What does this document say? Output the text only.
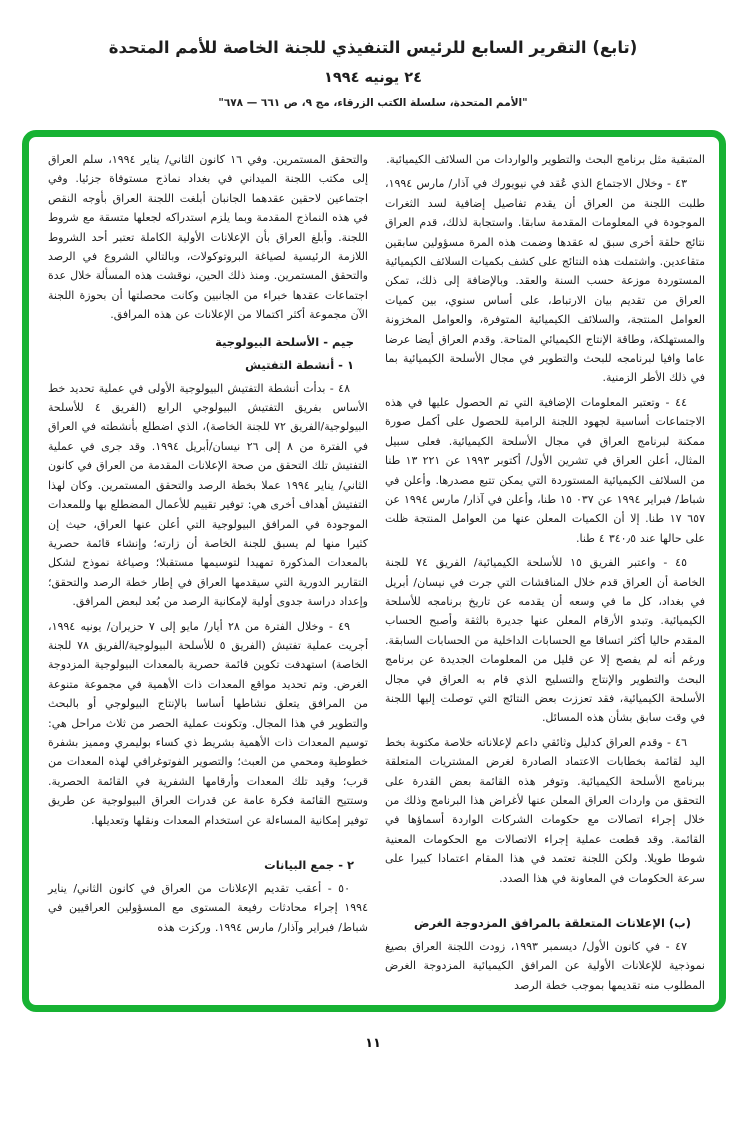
(تابع) التقرير السابع للرئيس التنفيذي للجنة الخاصة للأمم المتحدة
٢٤ يونيه ١٩٩٤
"الأمم المتحدة، سلسلة الكتب الزرقاء، مج ٩، ص ٦٦١ — ٦٧٨"

المتبقية مثل برنامج البحث والتطوير والواردات من السلائف الكيميائية.

٤٣ - وخلال الاجتماع الذي عُقد في نيويورك في آذار/ مارس ١٩٩٤، طلبت اللجنة من العراق أن يقدم تفاصيل إضافية لسد الثغرات الموجودة في المعلومات المقدمة سابقا. واستجابة لذلك، قدم العراق نتائج حلقة أخرى سبق له عقدها وضمت هذه المرة مسؤولين سابقين متقاعدين. واشتملت هذه النتائج على كشف بكميات السلائف الكيميائية المستوردة موزعة حسب السنة والعقد. وبالإضافة إلى ذلك، تمكن العراق من تقديم بيان الارتباط، على أساس سنوي، بين كميات العوامل المنتجة، والسلائف الكيميائية المتوفرة، والعوامل المخزونة والمستهلكة، وطاقة الإنتاج الكيميائي المتاحة. وقدم العراق أيضا عرضا عاما وافيا لبرنامجه للبحث والتطوير في مجال الأسلحة الكيميائية بما في ذلك الأطر الزمنية.

٤٤ - وتعتبر المعلومات الإضافية التي تم الحصول عليها في هذه الاجتماعات أساسية لجهود اللجنة الرامية للحصول على أكمل صورة ممكنة لبرنامج العراق في مجال الأسلحة الكيميائية. فعلى سبيل المثال، أعلن العراق في تشرين الأول/ أكتوبر ١٩٩٣ عن ٢٢١ ١٣ طنا من السلائف الكيميائية المستوردة التي يمكن تتبع مصدرها. وأعلن في شباط/ فبراير ١٩٩٤ عن ٠٣٧ ١٥ طنا، وأعلن في آذار/ مارس ١٩٩٤ عن ٦٥٧ ١٧ طنا. إلا أن الكميات المعلن عنها من العوامل المنتجة ظلت على حالها عند ٣٤٠٫٥ ٤ طنا.

٤٥ - واعتبر الفريق ١٥ للأسلحة الكيميائية/ الفريق ٧٤ للجنة الخاصة أن العراق قدم خلال المناقشات التي جرت في نيسان/ أبريل في بغداد، كل ما في وسعه أن يقدمه عن تاريخ برنامجه للأسلحة الكيميائية. وتبدو الأرقام المعلن عنها جديرة بالثقة وأصبح الحساب المقدم حاليا أكثر اتساقا مع الحسابات الداخلية من الحسابات السابقة. ورغم أنه لم يفصح إلا عن قليل من المعلومات الجديدة عن برنامج البحث والتطوير والإنتاج والتسليح الذي قام به العراق في مجال الأسلحة الكيميائية، فقد تعززت بعض النتائج التي توصلت إليها اللجنة في وقت سابق بشأن هذه المسائل.

٤٦ - وقدم العراق كدليل وثائقي داعم لإعلاناته خلاصة مكتوبة بخط اليد لقائمة بخطابات الاعتماد الصادرة لغرض المشتريات المتعلقة ببرنامج الأسلحة الكيميائية. وتوفر هذه القائمة بعض القدرة على التحقق من واردات العراق المعلن عنها لأغراض هذا البرنامج وذلك من خلال إجراء اتصالات مع حكومات الشركات الواردة أسماؤها في القائمة. وقد قطعت عملية إجراء الاتصالات مع الحكومات المعنية شوطا طويلا. ولكن اللجنة تعتمد في هذا المقام اعتمادا كبيرا على سرعة الحكومات في المعاونة في هذا الصدد.

(ب) الإعلانات المتعلقة بالمرافق المزدوجة الغرض

٤٧ - في كانون الأول/ ديسمبر ١٩٩٣، زودت اللجنة العراق بصيغ نموذجية للإعلانات الأولية عن المرافق الكيميائية المزدوجة الغرض المطلوب منه تقديمها بموجب خطة الرصد

والتحقق المستمرين. وفي ١٦ كانون الثاني/ يناير ١٩٩٤، سلم العراق إلى مكتب اللجنة الميداني في بغداد نماذج مستوفاة جزئيا. وفي اجتماعين لاحقين عقدهما الجانبان أبلغت اللجنة العراق بأوجه النقص في هذه النماذج المقدمة وبما يلزم استدراكه لجعلها متسقة مع شروط اللجنة. وأبلغ العراق بأن الإعلانات الأولية الكاملة تعتبر أحد الشروط اللازمة الرئيسية لصياغة البروتوكولات، وبالتالي الشروع في الرصد والتحقق المستمرين. ومنذ ذلك الحين، نوقشت هذه المسألة خلال عدة اجتماعات عقدها خبراء من الجانبين وكانت محصلتها أن بحوزة اللجنة الآن مجموعة أكثر اكتمالا من الإعلانات عن هذه المرافق.

جيم - الأسلحة البيولوجية
١ - أنشطة التفتيش

٤٨ - بدأت أنشطة التفتيش البيولوجية الأولى في عملية تحديد خط الأساس بفريق التفتيش البيولوجي الرابع (الفريق ٤ للأسلحة البيولوجية/الفريق ٧٢ للجنة الخاصة)، الذي اضطلع بأنشطته في العراق في الفترة من ٨ إلى ٢٦ نيسان/أبريل ١٩٩٤. وقد جرى في عملية التفتيش تلك التحقق من صحة الإعلانات المقدمة من العراق في كانون الثاني/ يناير ١٩٩٤ عملا بخطة الرصد والتحقق المستمرين. وكان لهذا التفتيش أهداف أخرى هي: توفير تقييم للأعمال المضطلع بها وللمعدات الموجودة في المرافق البيولوجية التي أعلن عنها العراق، حيث إن كثيرا منها لم يسبق للجنة الخاصة أن زارته؛ وإنشاء قائمة حصرية بالمعدات المذكورة تمهيدا لتوسيمها مستقبلا؛ وصياغة نموذج لشكل التقارير الدورية التي سيقدمها العراق في إطار خطة الرصد والتحقق؛ وإعداد دراسة جدوى أولية لإمكانية الرصد من بُعد لبعض المرافق.

٤٩ - وخلال الفترة من ٢٨ أيار/ مايو إلى ٧ حزيران/ يونيه ١٩٩٤، أجريت عملية تفتيش (الفريق ٥ للأسلحة البيولوجية/الفريق ٧٨ للجنة الخاصة) استهدفت تكوين قائمة حصرية بالمعدات البيولوجية المزدوجة الغرض. وتم تحديد مواقع المعدات ذات الأهمية في مجموعة متنوعة من المرافق يتعلق نشاطها أساسا بالإنتاج البيولوجي أو بالبحث والتطوير في هذا المجال. وتكونت عملية الحصر من ثلاث مراحل هي: توسيم المعدات ذات الأهمية بشريط ذي كساء بوليمري ومميز بشفرة خطوطية ومحمي من العبث؛ والتصوير الفوتوغرافي لهذه المعدات من قرب؛ وقيد تلك المعدات وأرقامها الشفرية في القائمة الحصرية. وستتيح القائمة فكرة عامة عن قدرات العراق البيولوجية عن طريق توفير إمكانية المساءلة عن استخدام المعدات ونقلها وتعديلها.

٢ - جمع البيانات

٥٠ - أعقب تقديم الإعلانات من العراق في كانون الثاني/ يناير ١٩٩٤ إجراء محادثات رفيعة المستوى مع المسؤولين العراقيين في شباط/ فبراير وآذار/ مارس ١٩٩٤. وركزت هذه

١١
